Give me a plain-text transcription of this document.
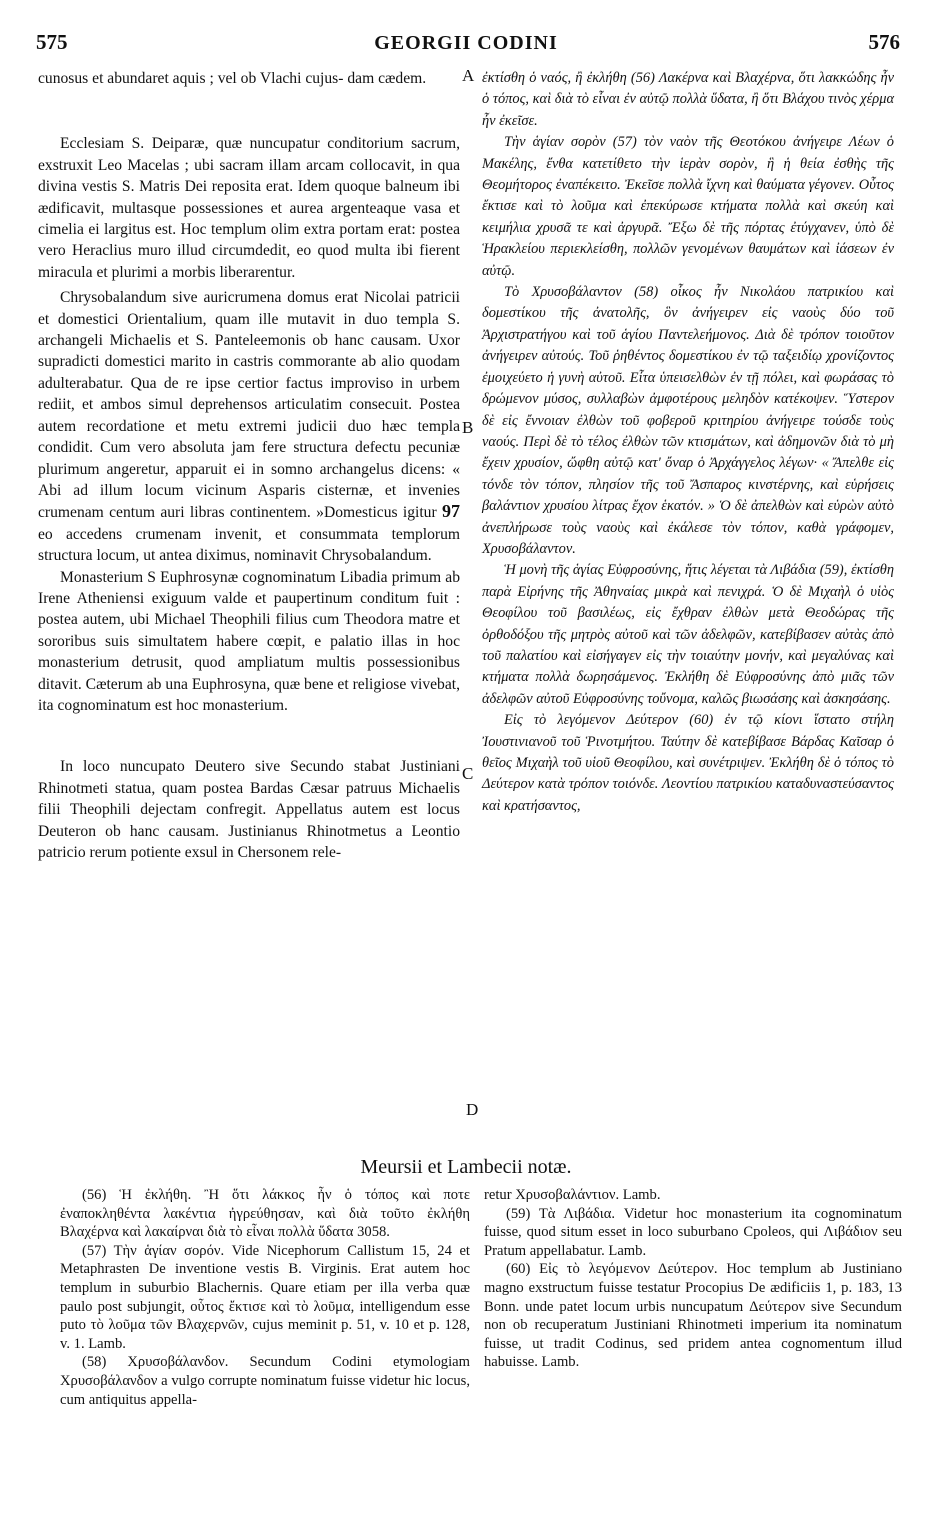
575	GEORGII CODINI	576

cunosus et abundaret aquis ; vel ob Vlachi cujus- dam cædem.

Ecclesiam S. Deiparæ, quæ nuncupatur conditorium sacrum, exstruxit Leo Macelas ; ubi sacram illam arcam collocavit, in qua divina vestis S. Matris Dei reposita erat. Idem quoque balneum ibi ædificavit, multasque possessiones et aurea argenteaque vasa et cimelia ei largitus est. Hoc templum olim extra portam erat: postea vero Heraclius muro illud circumdedit, eo quod multa ibi fierent miracula et plurimi a morbis liberarentur.

Chrysobalandum sive auricrumena domus erat Nicolai patricii et domestici Orientalium, quam ille mutavit in duo templa S. archangeli Michaelis et S. Panteleemonis ob hanc causam. Uxor supradicti domestici marito in castris commorante ab alio quodam adulterabatur. Qua de re ipse certior factus improviso in urbem rediit, et ambos simul deprehensos articulatim consecuit. Postea autem recordatione et metu extremi judicii duo hæc templa condidit. Cum vero absoluta jam fere structura defectu pecuniæ plurimum angeretur, apparuit ei in somno archangelus dicens: « Abi ad illum locum vicinum Asparis cisternæ, et invenies crumenam centum auri libras continentem. »Domesticus igitur 97 eo accedens crumenam invenit, et consummata templorum structura locum, ut antea diximus, nominavit Chrysobalandum.

Monasterium S Euphrosynæ cognominatum Libadia primum ab Irene Atheniensi exiguum valde et paupertinum conditum fuit : postea autem, ubi Michael Theophili filius cum Theodora matre et sororibus suis simultatem habere cœpit, e palatio illas in hoc monasterium detrusit, quod ampliatum multis possessionibus ditavit. Cæterum ab una Euphrosyna, quæ bene et religiose vivebat, ita cognominatum est hoc monasterium.

In loco nuncupato Deutero sive Secundo stabat Justiniani Rhinotmeti statua, quam postea Bardas Cæsar patruus Michaelis filii Theophili dejectam confregit. Appellatus autem est locus Deuteron ob hanc causam. Justinianus Rhinotmetus a Leontio patricio rerum potiente exsul in Chersonem rele-

A
B
C
D

ἐκτίσθη ὁ ναός, ἢ ἐκλήθη (56) Λακέρνα καὶ Βλαχέρνα, ὅτι λακκώδης ἦν ὁ τόπος, καὶ διὰ τὸ εἶναι ἐν αὐτῷ πολλὰ ὕδατα, ἢ ὅτι Βλάχου τινὸς χέρμα ἦν ἐκεῖσε.

Τὴν ἁγίαν σορὸν (57) τὸν ναὸν τῆς Θεοτόκου ἀνήγειρε Λέων ὁ Μακέλης, ἔνθα κατετίθετο τὴν ἱερὰν σορὸν, ἣ ἡ θεία ἐσθὴς τῆς Θεομήτορος ἐναπέκειτο. Ἐκεῖσε πολλὰ ἴχνη καὶ θαύματα γέγονεν. Οὗτος ἔκτισε καὶ τὸ λοῦμα καὶ ἐπεκύρωσε κτήματα πολλὰ καὶ σκεύη καὶ κειμήλια χρυσᾶ τε καὶ ἀργυρᾶ. Ἔξω δὲ τῆς πόρτας ἐτύγχανεν, ὑπὸ δὲ Ἡρακλείου περιεκλείσθη, πολλῶν γενομένων θαυμάτων καὶ ἰάσεων ἐν αὐτῷ.

Τὸ Χρυσοβάλαντον (58) οἶκος ἦν Νικολάου πατρικίου καὶ δομεστίκου τῆς ἀνατολῆς, ὃν ἀνήγειρεν εἰς ναοὺς δύο τοῦ Ἀρχιστρατήγου καὶ τοῦ ἁγίου Παντελεήμονος. Διὰ δὲ τρόπον τοιοῦτον ἀνήγειρεν αὐτούς. Τοῦ ῥηθέντος δομεστίκου ἐν τῷ ταξειδίῳ χρονίζοντος ἐμοιχεύετο ἡ γυνὴ αὐτοῦ. Εἶτα ὑπεισελθὼν ἐν τῇ πόλει, καὶ φωράσας τὸ δρώμενον μύσος, συλλαβὼν ἀμφοτέρους μεληδὸν κατέκοψεν. Ὕστερον δὲ εἰς ἔννοιαν ἐλθὼν τοῦ φοβεροῦ κριτηρίου ἀνήγειρε τούσδε τοὺς ναούς. Περὶ δὲ τὸ τέλος ἐλθὼν τῶν κτισμάτων, καὶ ἀδημονῶν διὰ τὸ μὴ ἔχειν χρυσίον, ὤφθη αὐτῷ κατ' ὄναρ ὁ Ἀρχάγγελος λέγων· « Ἄπελθε εἰς τόνδε τὸν τόπον, πλησίον τῆς τοῦ Ἄσπαρος κινστέρνης, καὶ εὑρήσεις βαλάντιον χρυσίου λίτρας ἔχον ἑκατόν. » Ὁ δὲ ἀπελθὼν καὶ εὑρὼν αὐτὸ ἀνεπλήρωσε τοὺς ναοὺς καὶ ἐκάλεσε τὸν τόπον, καθὰ γράφομεν, Χρυσοβάλαντον.

Ἡ μονὴ τῆς ἁγίας Εὐφροσύνης, ἥτις λέγεται τὰ Λιβάδια (59), ἐκτίσθη παρὰ Εἰρήνης τῆς Ἀθηναίας μικρὰ καὶ πενιχρά. Ὁ δὲ Μιχαὴλ ὁ υἱὸς Θεοφίλου τοῦ βασιλέως, εἰς ἔχθραν ἐλθὼν μετὰ Θεοδώρας τῆς ὀρθοδόξου τῆς μητρὸς αὐτοῦ καὶ τῶν ἀδελφῶν, κατεβίβασεν αὐτὰς ἀπὸ τοῦ παλατίου καὶ εἰσήγαγεν εἰς τὴν τοιαύτην μονήν, καὶ μεγαλύνας καὶ κτήματα πολλὰ δωρησάμενος. Ἐκλήθη δὲ Εὐφροσύνης ἀπὸ μιᾶς τῶν ἀδελφῶν αὐτοῦ Εὐφροσύνης τοὔνομα, καλῶς βιωσάσης καὶ ἀσκησάσης.

Εἰς τὸ λεγόμενον Δεύτερον (60) ἐν τῷ κίονι ἵστατο στήλη Ἰουστινιανοῦ τοῦ Ῥινοτμήτου. Ταύτην δὲ κατεβίβασε Βάρδας Καῖσαρ ὁ θεῖος Μιχαὴλ τοῦ υἱοῦ Θεοφίλου, καὶ συνέτριψεν. Ἐκλήθη δὲ ὁ τόπος τὸ Δεύτερον κατὰ τρόπον τοιόνδε. Λεοντίου πατρικίου καταδυναστεύσαντος καὶ κρατήσαντος,

Meursii et Lambecii notæ.

(56) Ἡ ἐκλήθη. Ἢ ὅτι λάκκος ἦν ὁ τόπος καὶ ποτε ἐναποκληθέντα λακέντια ἠγρεύθησαν, καὶ διὰ τοῦτο ἐκλήθη Βλαχέρνα καὶ λακαίρναι διὰ τὸ εἶναι πολλὰ ὕδατα 3058.

(57) Τὴν ἁγίαν σορόν. Vide Nicephorum Callistum 15, 24 et Metaphrasten De inventione vestis B. Virginis. Erat autem hoc templum in suburbio Blachernis. Quare etiam per illa verba quæ paulo post subjungit, οὗτος ἔκτισε καὶ τὸ λοῦμα, intelligendum esse puto τὸ λοῦμα τῶν Βλαχερνῶν, cujus meminit p. 51, v. 10 et p. 128, v. 1. Lamb.

(58) Χρυσοβάλανδον. Secundum Codini etymologiam Χρυσοβάλανδον a vulgo corrupte nominatum fuisse videtur hic locus, cum antiquitus appella-

retur Χρυσοβαλάντιον. Lamb.

(59) Τὰ Λιβάδια. Videtur hoc monasterium ita cognominatum fuisse, quod situm esset in loco suburbano Cpoleos, qui Λιβάδιον seu Pratum appellabatur. Lamb.

(60) Εἰς τὸ λεγόμενον Δεύτερον. Hoc templum ab Justiniano magno exstructum fuisse testatur Procopius De ædificiis 1, p. 183, 13 Bonn. unde patet locum urbis nuncupatum Δεύτερον sive Secundum non ob recuperatum Justiniani Rhinotmeti imperium ita nominatum fuisse, ut tradit Codinus, sed pridem antea cognomentum illud habuisse. Lamb.
